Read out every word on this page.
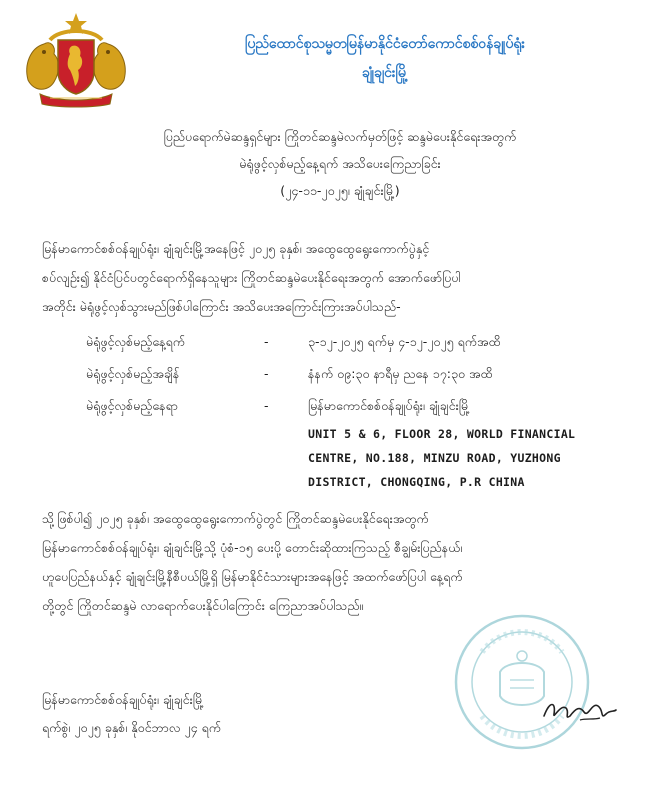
ပြည်ထောင်စုသမ္မတမြန်မာနိုင်ငံတော်ကောင်စစ်ဝန်ချုပ်ရုံး
ချုံချင်းမြို့
ပြည်ပရောက်မဲဆန္ဒရှင်များ ကြိုတင်ဆန္ဒမဲလက်မှတ်ဖြင့် ဆန္ဒမဲပေးနိုင်ရေးအတွက်
မဲရုံဖွင့်လှစ်မည့်နေ့ရက် အသိပေးကြေညာခြင်း
(၂၄-၁၁-၂၀၂၅၊ ချုံချင်းမြို့)
မြန်မာကောင်စစ်ဝန်ချုပ်ရုံး၊ ချုံချင်းမြို့အနေဖြင့် ၂၀၂၅ ခုနှစ်၊ အထွေထွေရွေးကောက်ပွဲနှင့်
စပ်လျဉ်း၍ နိုင်ငံပြင်ပတွင်ရောက်ရှိနေသူများ ကြိုတင်ဆန္ဒမဲပေးနိုင်ရေးအတွက် အောက်ဖော်ပြပါ
အတိုင်း မဲရုံဖွင့်လှစ်သွားမည်ဖြစ်ပါကြောင်း အသိပေးအကြောင်းကြားအပ်ပါသည်-
မဲရုံဖွင့်လှစ်မည့်နေ့ရက်	-	၃-၁၂-၂၀၂၅ ရက်မှ ၄-၁၂-၂၀၂၅ ရက်အထိ
မဲရုံဖွင့်လှစ်မည့်အချိန်	-	နံနက် ၀၉:၃၀ နာရီမှ ညနေ ၁၇:၃၀ အထိ
မဲရုံဖွင့်လှစ်မည့်နေရာ	-	မြန်မာကောင်စစ်ဝန်ချုပ်ရုံး၊ ချုံချင်းမြို့
UNIT 5 & 6, FLOOR 28, WORLD FINANCIAL
CENTRE, NO.188, MINZU ROAD, YUZHONG
DISTRICT, CHONGQING, P.R CHINA
သို့ဖြစ်ပါ၍ ၂၀၂၅ ခုနှစ်၊ အထွေထွေရွေးကောက်ပွဲတွင် ကြိုတင်ဆန္ဒမဲပေးနိုင်ရေးအတွက်
မြန်မာကောင်စစ်ဝန်ချုပ်ရုံး၊ ချုံချင်းမြို့သို့ ပုံစံ-၁၅ ပေးပို့ တောင်းဆိုထားကြသည့် စီချွမ်းပြည်နယ်၊
ဟူပေပြည်နယ်နှင့် ချုံချင်းမြို့နီစီပယ်မြို့ရှိ မြန်မာနိုင်ငံသားများအနေဖြင့် အထက်ဖော်ပြပါ နေ့ရက်
တို့တွင် ကြိုတင်ဆန္ဒမဲ လာရောက်ပေးနိုင်ပါကြောင်း ကြေညာအပ်ပါသည်။
မြန်မာကောင်စစ်ဝန်ချုပ်ရုံး၊ ချုံချင်းမြို့
ရက်စွဲ၊ ၂၀၂၅ ခုနှစ်၊ နိုဝင်ဘာလ ၂၄ ရက်
